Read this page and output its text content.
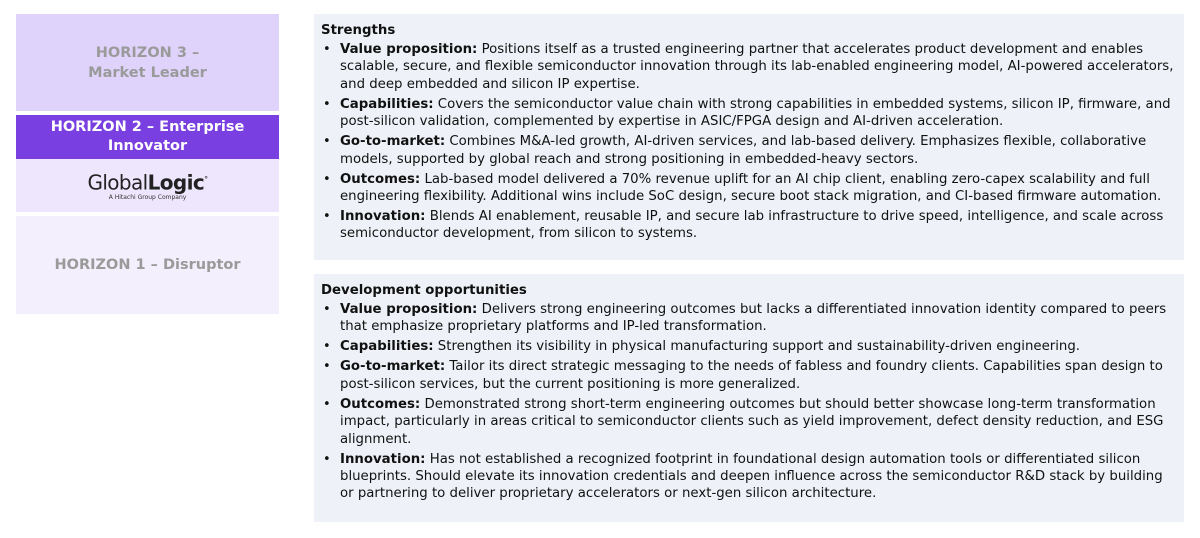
HORIZON 3 –
Market Leader
HORIZON 2 – Enterprise
Innovator
GlobalLogic°
A Hitachi Group Company
HORIZON 1 – Disruptor
Strengths
• Value proposition: Positions itself as a trusted engineering partner that accelerates product development and enables scalable, secure, and flexible semiconductor innovation through its lab-enabled engineering model, AI-powered accelerators, and deep embedded and silicon IP expertise.
• Capabilities: Covers the semiconductor value chain with strong capabilities in embedded systems, silicon IP, firmware, and post-silicon validation, complemented by expertise in ASIC/FPGA design and AI-driven acceleration.
• Go-to-market: Combines M&A-led growth, AI-driven services, and lab-based delivery. Emphasizes flexible, collaborative models, supported by global reach and strong positioning in embedded-heavy sectors.
• Outcomes: Lab-based model delivered a 70% revenue uplift for an AI chip client, enabling zero-capex scalability and full engineering flexibility. Additional wins include SoC design, secure boot stack migration, and CI-based firmware automation.
• Innovation: Blends AI enablement, reusable IP, and secure lab infrastructure to drive speed, intelligence, and scale across semiconductor development, from silicon to systems.
Development opportunities
• Value proposition: Delivers strong engineering outcomes but lacks a differentiated innovation identity compared to peers that emphasize proprietary platforms and IP-led transformation.
• Capabilities: Strengthen its visibility in physical manufacturing support and sustainability-driven engineering.
• Go-to-market: Tailor its direct strategic messaging to the needs of fabless and foundry clients. Capabilities span design to post-silicon services, but the current positioning is more generalized.
• Outcomes: Demonstrated strong short-term engineering outcomes but should better showcase long-term transformation impact, particularly in areas critical to semiconductor clients such as yield improvement, defect density reduction, and ESG alignment.
• Innovation: Has not established a recognized footprint in foundational design automation tools or differentiated silicon blueprints. Should elevate its innovation credentials and deepen influence across the semiconductor R&D stack by building or partnering to deliver proprietary accelerators or next-gen silicon architecture.
